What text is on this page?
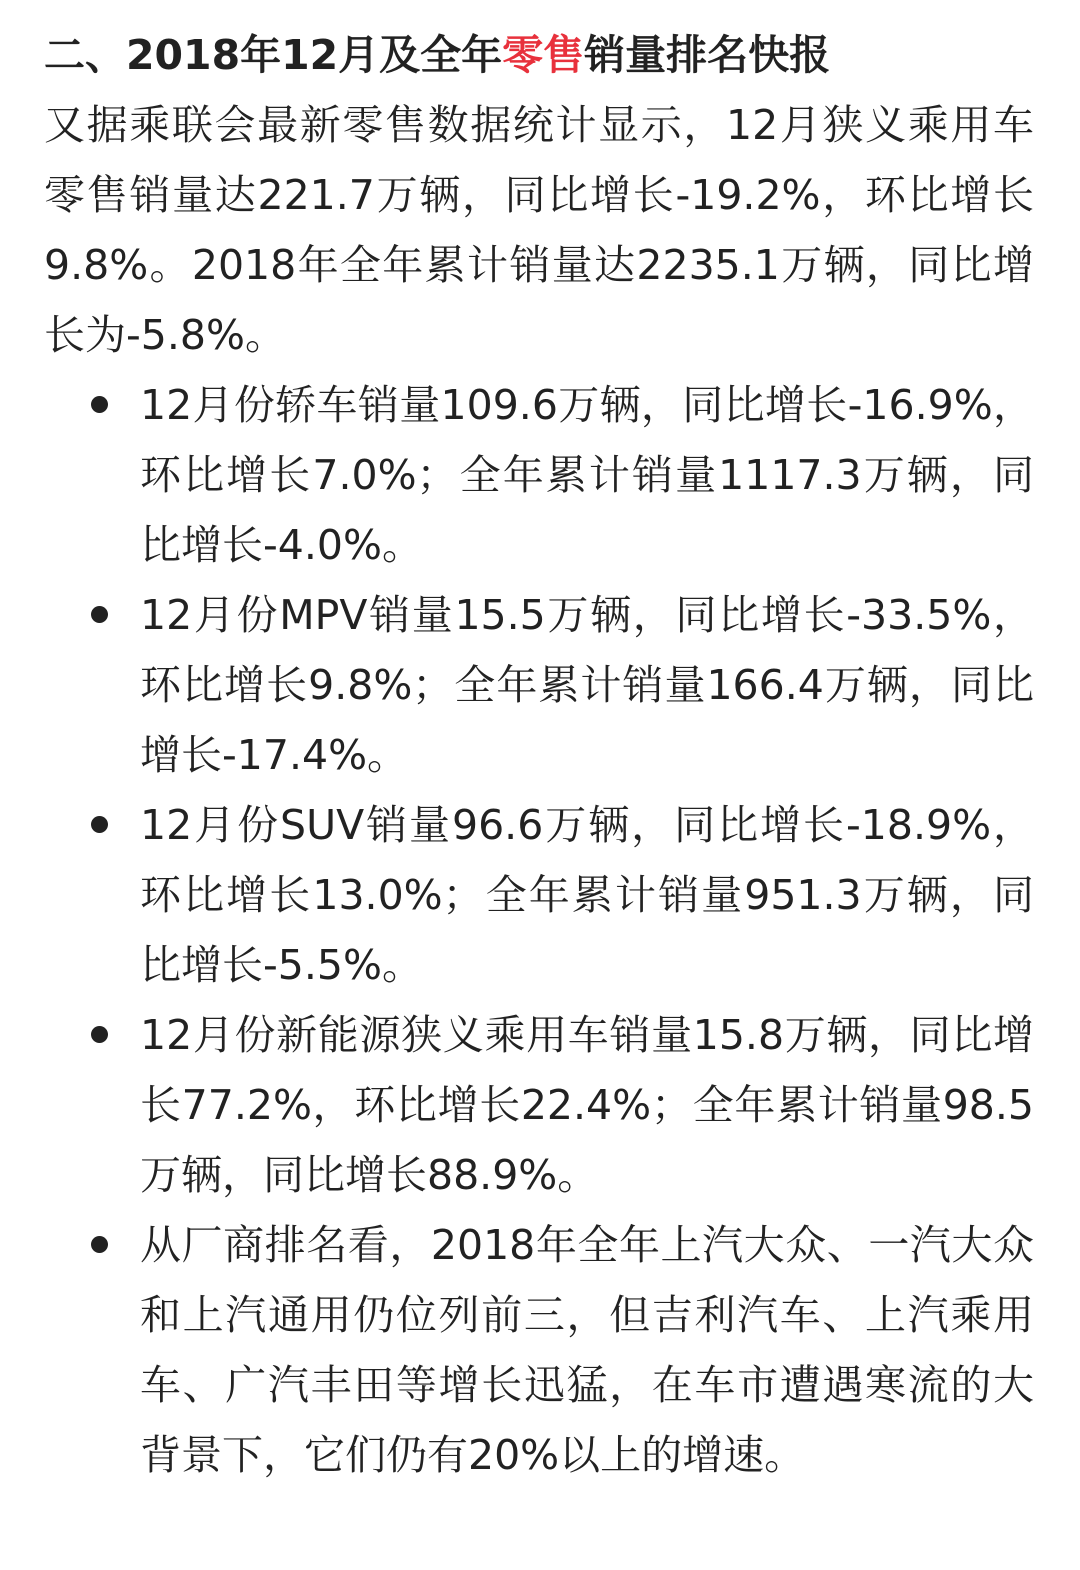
二、2018年12月及全年零售销量排名快报

又据乘联会最新零售数据统计显示，12月狭义乘用车零售销量达221.7万辆，同比增长-19.2%，环比增长9.8%。2018年全年累计销量达2235.1万辆，同比增长为-5.8%。

12月份轿车销量109.6万辆，同比增长-16.9%，环比增长7.0%；全年累计销量1117.3万辆，同比增长-4.0%。
12月份MPV销量15.5万辆，同比增长-33.5%，环比增长9.8%；全年累计销量166.4万辆，同比增长-17.4%。
12月份SUV销量96.6万辆，同比增长-18.9%，环比增长13.0%；全年累计销量951.3万辆，同比增长-5.5%。
12月份新能源狭义乘用车销量15.8万辆，同比增长77.2%，环比增长22.4%；全年累计销量98.5万辆，同比增长88.9%。
从厂商排名看，2018年全年上汽大众、一汽大众和上汽通用仍位列前三，但吉利汽车、上汽乘用车、广汽丰田等增长迅猛，在车市遭遇寒流的大背景下，它们仍有20%以上的增速。
